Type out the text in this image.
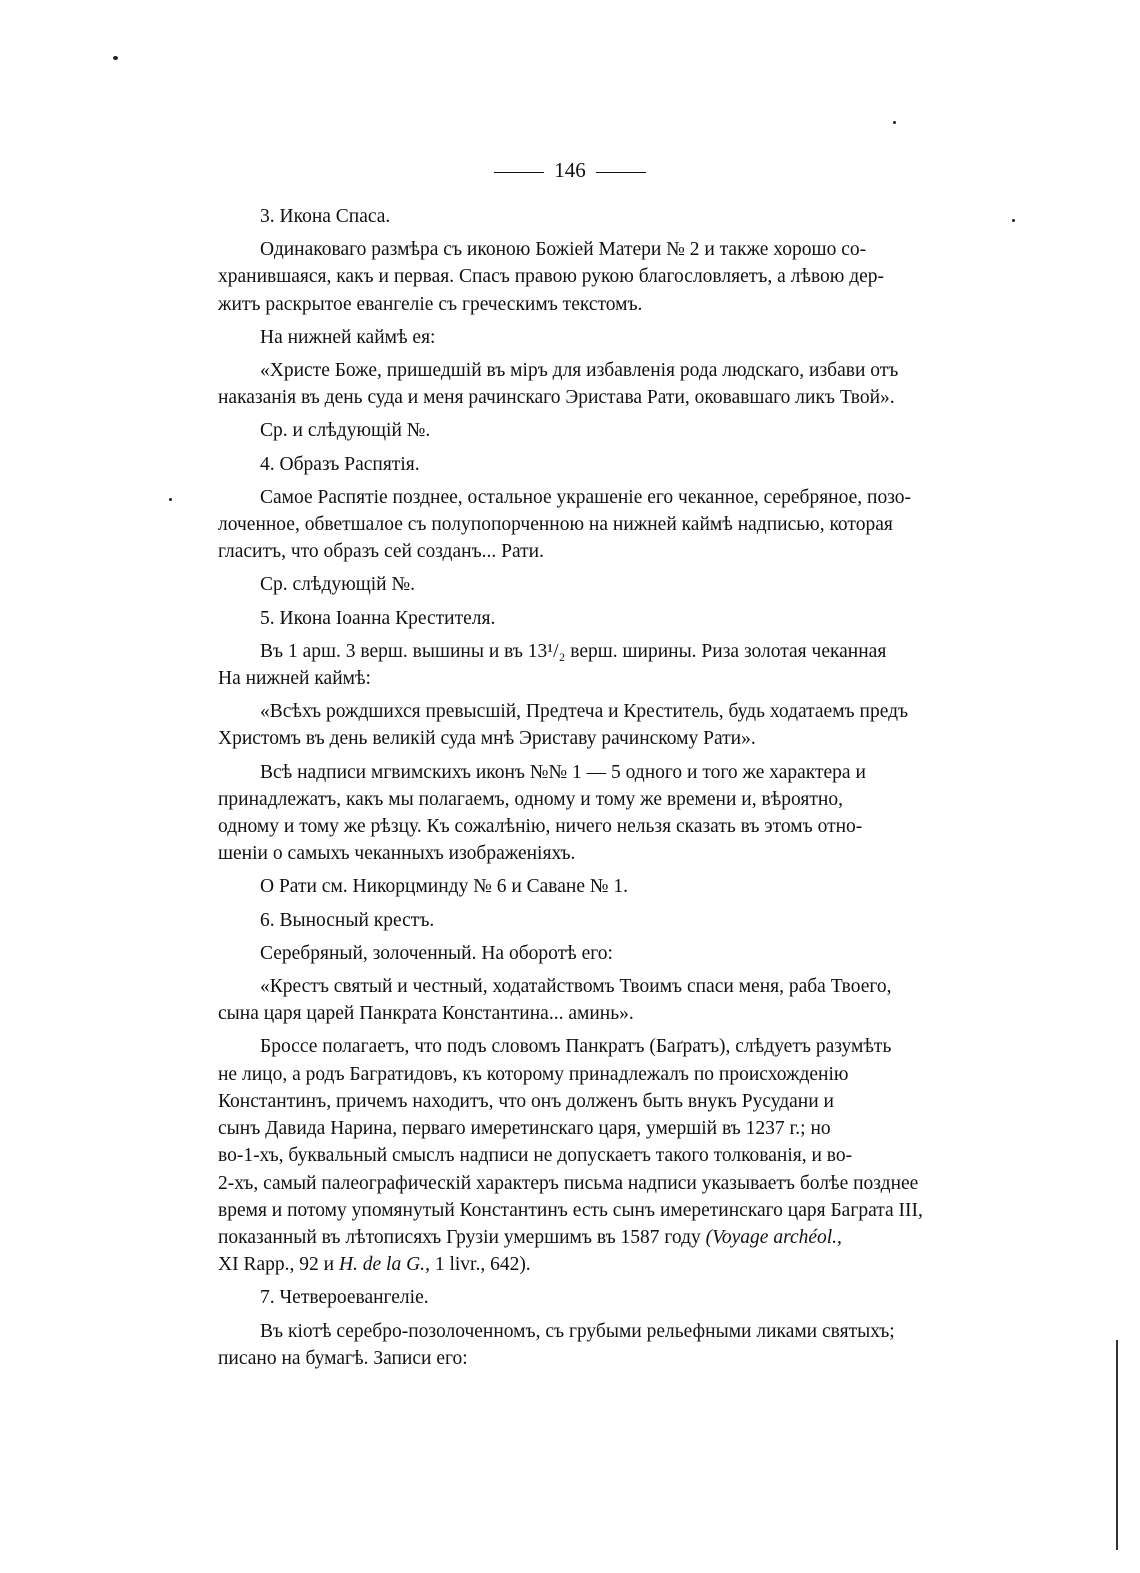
146

3. Икона Спаса.

Одинаковаго размѣра съ иконою Божіей Матери № 2 и также хорошо со-
хранившаяся, какъ и первая. Спасъ правою рукою благословляетъ, а лѣвою дер-
житъ раскрытое евангеліе съ греческимъ текстомъ.

На нижней каймѣ ея:

«Христе Боже, пришедшій въ міръ для избавленія рода людскаго, избави отъ
наказанія въ день суда и меня рачинскаго Эристава Рати, оковавшаго ликъ Твой».

Ср. и слѣдующій №.

4. Образъ Распятія.

Самое Распятіе позднее, остальное украшеніе его чеканное, серебряное, позо-
лоченное, обветшалое съ полупопорченною на нижней каймѣ надписью, которая
гласитъ, что образъ сей созданъ... Рати.

Ср. слѣдующій №.

5. Икона Іоанна Крестителя.

Въ 1 арш. 3 верш. вышины и въ 13¹/₂ верш. ширины. Риза золотая чеканная
На нижней каймѣ:

«Всѣхъ рождшихся превысшій, Предтеча и Креститель, будь ходатаемъ предъ
Христомъ въ день великій суда мнѣ Эриставу рачинскому Рати».

Всѣ надписи мгвимскихъ иконъ №№ 1 — 5 одного и того же характера и
принадлежатъ, какъ мы полагаемъ, одному и тому же времени и, вѣроятно,
одному и тому же рѣзцу. Къ сожалѣнію, ничего нельзя сказать въ этомъ отно-
шеніи о самыхъ чеканныхъ изображеніяхъ.

О Рати см. Никорцминду № 6 и Саване № 1.

6. Выносный крестъ.

Серебряный, золоченный. На оборотѣ его:

«Крестъ святый и честный, ходатайствомъ Твоимъ спаси меня, раба Твоего,
сына царя царей Панкрата Константина... аминь».

Броссе полагаетъ, что подъ словомъ Панкратъ (Баґратъ), слѣдуетъ разумѣть
не лицо, а родъ Багратидовъ, къ которому принадлежалъ по происхожденію
Константинъ, причемъ находитъ, что онъ долженъ быть внукъ Русудани и
сынъ Давида Нарина, перваго имеретинскаго царя, умершій въ 1237 г.; но
во-1-хъ, буквальный смыслъ надписи не допускаетъ такого толкованія, и во-
2-хъ, самый палеографическій характеръ письма надписи указываетъ болѣе позднее
время и потому упомянутый Константинъ есть сынъ имеретинскаго царя Баграта III,
показанный въ лѣтописяхъ Грузіи умершимъ въ 1587 году (Voyage archéol.,
XI Rapp., 92 и H. de la G., 1 livr., 642).

7. Четвероевангеліе.

Въ кіотѣ серебро-позолоченномъ, съ грубыми рельефными ликами святыхъ;
писано на бумагѣ. Записи его:
